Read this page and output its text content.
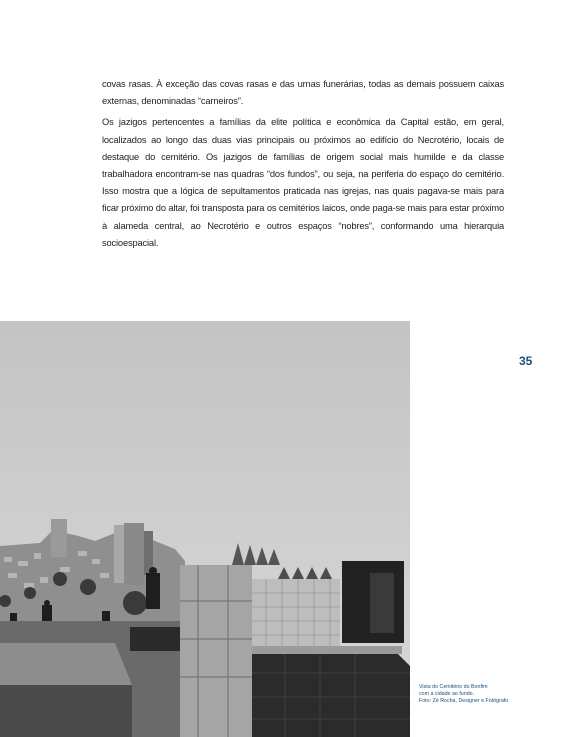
covas rasas. À exceção das covas rasas e das urnas funerárias, todas as demais possuem caixas externas, denominadas “carneiros”.

Os jazigos pertencentes a famílias da elite política e econômica da Capital estão, em geral, localizados ao longo das duas vias principais ou próximos ao edifício do Necrotério, locais de destaque do cemitério. Os jazigos de famílias de origem social mais humilde e da classe trabalhadora encontram-se nas quadras “dos fundos”, ou seja, na periferia do espaço do cemitério. Isso mostra que a lógica de sepultamentos praticada nas igrejas, nas quais pagava-se mais para ficar próximo do altar, foi transposta para os cemitérios laicos, onde paga-se mais para estar próximo à alameda central, ao Necrotério e outros espaços “nobres”, conformando uma hierarquia socioespacial.

35
Vista do Cemitério do Bonfim
com a cidade ao fundo.
Foto: Zé Rocha, Designer e Fotógrafo
